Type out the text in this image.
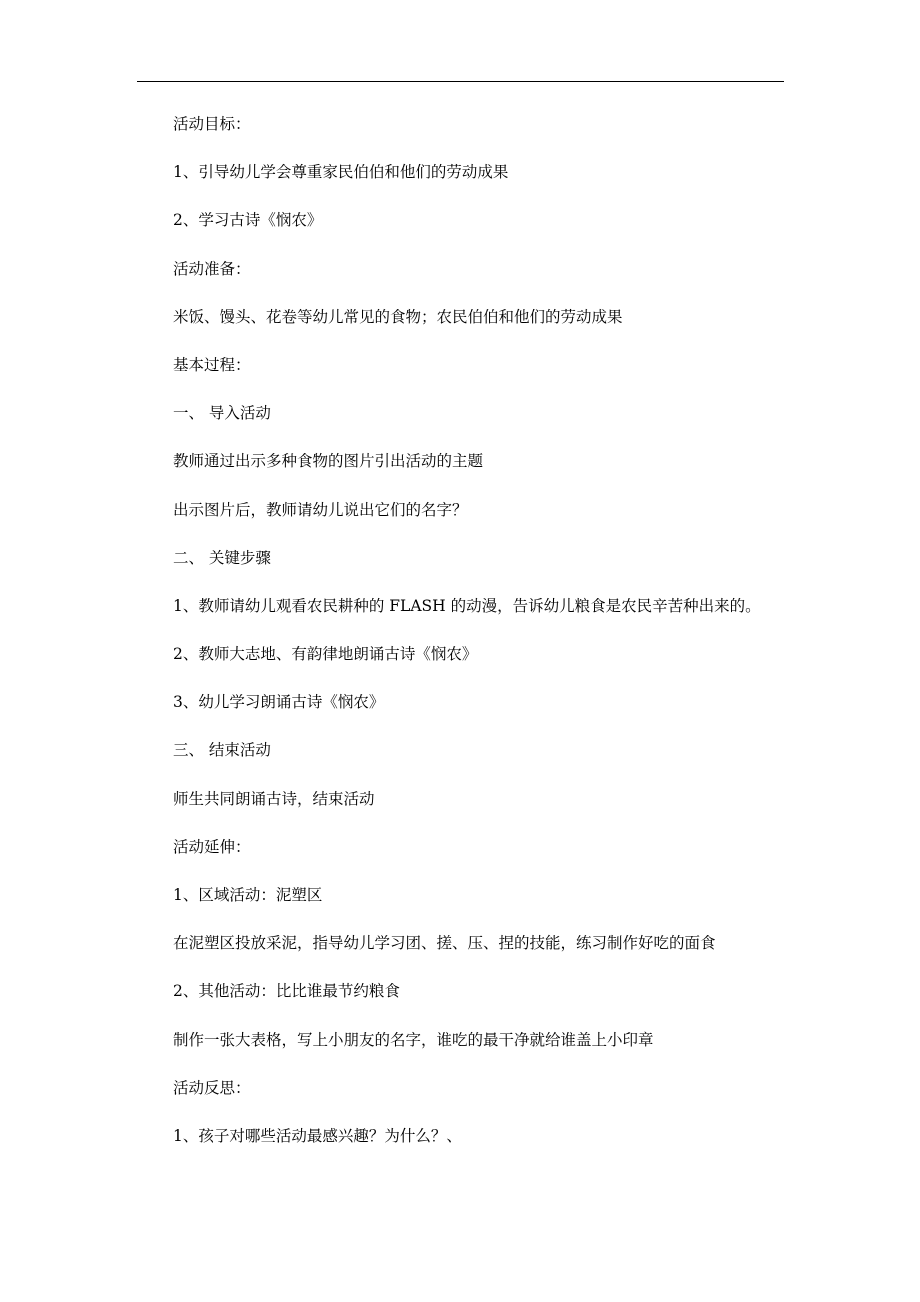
活动目标：
1、引导幼儿学会尊重家民伯伯和他们的劳动成果
2、学习古诗《悯农》
活动准备：
米饭、馒头、花卷等幼儿常见的食物；农民伯伯和他们的劳动成果
基本过程：
一、 导入活动
教师通过出示多种食物的图片引出活动的主题
出示图片后，教师请幼儿说出它们的名字？
二、 关键步骤
1、教师请幼儿观看农民耕种的 FLASH 的动漫，告诉幼儿粮食是农民辛苦种出来的。
2、教师大志地、有韵律地朗诵古诗《悯农》
3、幼儿学习朗诵古诗《悯农》
三、 结束活动
师生共同朗诵古诗，结束活动
活动延伸：
1、区域活动：泥塑区
在泥塑区投放采泥，指导幼儿学习团、搓、压、捏的技能，练习制作好吃的面食
2、其他活动：比比谁最节约粮食
制作一张大表格，写上小朋友的名字，谁吃的最干净就给谁盖上小印章
活动反思：
1、孩子对哪些活动最感兴趣？为什么？、
